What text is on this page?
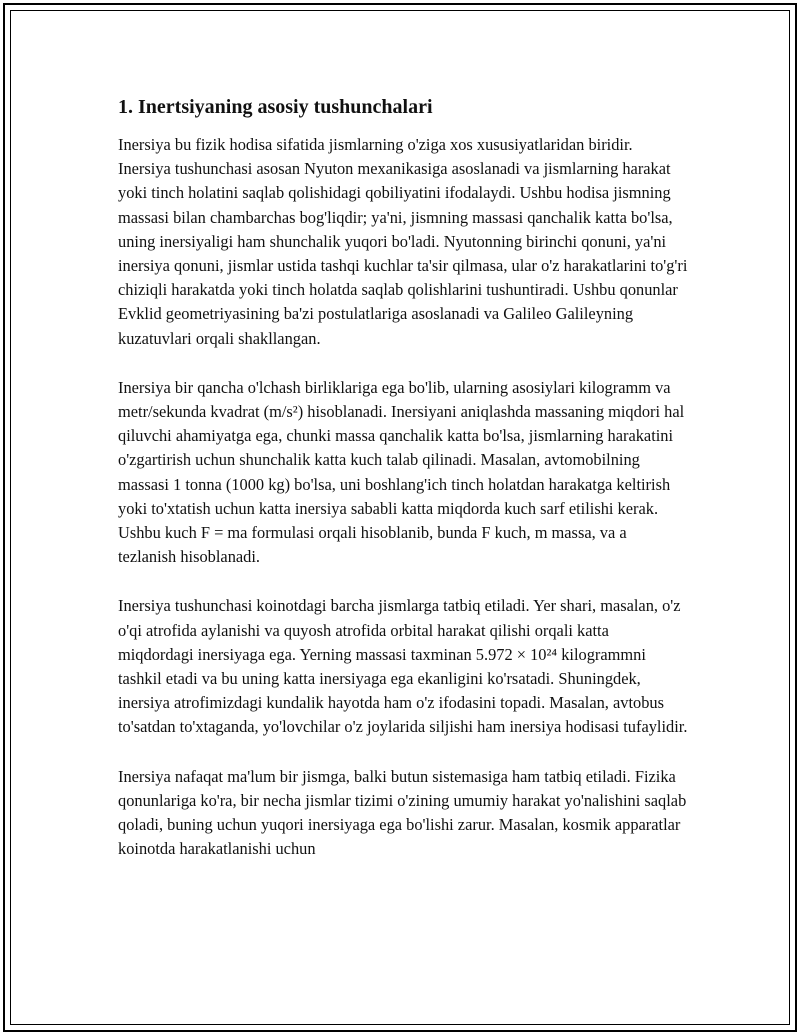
1. Inertsiyaning asosiy tushunchalari

Inersiya bu fizik hodisa sifatida jismlarning o'ziga xos xususiyatlaridan biridir. Inersiya tushunchasi asosan Nyuton mexanikasiga asoslanadi va jismlarning harakat yoki tinch holatini saqlab qolishidagi qobiliyatini ifodalaydi. Ushbu hodisa jismning massasi bilan chambarchas bog'liqdir; ya'ni, jismning massasi qanchalik katta bo'lsa, uning inersiyaligi ham shunchalik yuqori bo'ladi. Nyutonning birinchi qonuni, ya'ni inersiya qonuni, jismlar ustida tashqi kuchlar ta'sir qilmasa, ular o'z harakatlarini to'g'ri chiziqli harakatda yoki tinch holatda saqlab qolishlarini tushuntiradi. Ushbu qonunlar Evklid geometriyasining ba'zi postulatlariga asoslanadi va Galileo Galileyning kuzatuvlari orqali shakllangan.

Inersiya bir qancha o'lchash birliklariga ega bo'lib, ularning asosiylari kilogramm va metr/sekunda kvadrat (m/s²) hisoblanadi. Inersiyani aniqlashda massaning miqdori hal qiluvchi ahamiyatga ega, chunki massa qanchalik katta bo'lsa, jismlarning harakatini o'zgartirish uchun shunchalik katta kuch talab qilinadi. Masalan, avtomobilning massasi 1 tonna (1000 kg) bo'lsa, uni boshlang'ich tinch holatdan harakatga keltirish yoki to'xtatish uchun katta inersiya sababli katta miqdorda kuch sarf etilishi kerak. Ushbu kuch F = ma formulasi orqali hisoblanib, bunda F kuch, m massa, va a tezlanish hisoblanadi.

Inersiya tushunchasi koinotdagi barcha jismlarga tatbiq etiladi. Yer shari, masalan, o'z o'qi atrofida aylanishi va quyosh atrofida orbital harakat qilishi orqali katta miqdordagi inersiyaga ega. Yerning massasi taxminan 5.972 × 10²⁴ kilogrammni tashkil etadi va bu uning katta inersiyaga ega ekanligini ko'rsatadi. Shuningdek, inersiya atrofimizdagi kundalik hayotda ham o'z ifodasini topadi. Masalan, avtobus to'satdan to'xtaganda, yo'lovchilar o'z joylarida siljishi ham inersiya hodisasi tufaylidir.

Inersiya nafaqat ma'lum bir jismga, balki butun sistemasiga ham tatbiq etiladi. Fizika qonunlariga ko'ra, bir necha jismlar tizimi o'zining umumiy harakat yo'nalishini saqlab qoladi, buning uchun yuqori inersiyaga ega bo'lishi zarur. Masalan, kosmik apparatlar koinotda harakatlanishi uchun
